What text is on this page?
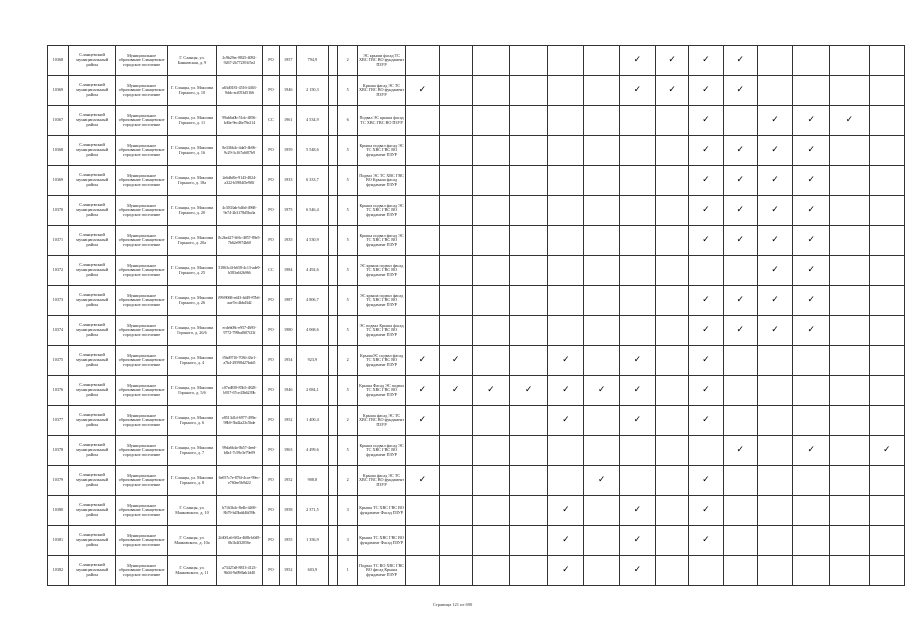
10368	Сланцевский муниципальный район	Муниципальное образование Сланцевское городское поселение	Г. Сланцы, ул. Банковская, д. 9	2c9b29ec-8825-4082-9267-2b772391f5e2	РО	1957	794,9		2	ЭС крыши фасад ТС ХВС ГВС ВО фундамент ПЗУР							✓	✓	✓	✓				
10369	Сланцевский муниципальный район	Муниципальное образование Сланцевское городское поселение	Г. Сланцы, ул. Максима Горького, д. 10	a63d0181-4516-4463-9ddc-acf053d5166	РО	1946	2 150,3		5	Крыша фасад ЭС ТС ХВС ГВС ВО фундамент ПЗУР	✓						✓	✓	✓	✓				
10367	Сланцевский муниципальный район	Муниципальное образование Сланцевское городское поселение	Г. Сланцы, ул. Максима Горького, д. 11	99ab6a0b-51dc-4856-b40a-9ec46e78e214	СС	1961	4 534,9		6	Подвал ЭС крыша фасад ТС ХВС ГВС ВО ПЗУР									✓		✓	✓	✓	
10368	Сланцевский муниципальный район	Муниципальное образование Сланцевское городское поселение	Г. Сланцы, ул. Максима Горького, д. 16	8e336b4c-4da5-4b96-9c29-3c167a6f07b9	РО	1959	5 548,6		5	Крыша подвал фасад ЭС ТС ХВС ГВС ВО фундамент ПЗУР									✓	✓	✓	✓		
10369	Сланцевский муниципальный район	Муниципальное образование Сланцевское городское поселение	Г. Сланцы, ул. Максима Горького, д. 18а	2e6dbf0e-9143-4824-a322-b5984f5e9f0f	РО	1933	6 333,7		5	Подвал ЭС ТС ХВС ГВС ВО Крыша фасад фундамент ПЗУР									✓	✓	✓	✓		
10370	Сланцевский муниципальный район	Муниципальное образование Сланцевское городское поселение	Г. Сланцы, ул. Максима Горького, д. 20	4c3033ab-b46d-4968-9e74-2b3178d5ba3a	РО	1975	6 546,4		5	Крыша подвал фасад ЭС ТС ХВС ГВС ВО фундамент ПЗУР									✓	✓	✓	✓		
10371	Сланцевский муниципальный район	Муниципальное образование Сланцевское городское поселение	Г. Сланцы, ул. Максима Горького, д. 20а	8c2be427-b9fc-4857-89e5-7b62e9974b60	РО	1935	4 530,9		5	Крыша подвал фасад ЭС ТС ХВС ГВС ВО фундамент ПЗУР									✓	✓	✓	✓		
10372	Сланцевский муниципальный район	Муниципальное образование Сланцевское городское поселение	Г. Сланцы, ул. Максима Горького, д. 25	51863c4f-b658-4c13-ade9-b583a6f2b966	СС	1984	4 492,6		5	ЭС крыша подвал фасад ТС ХВС ГВС ВО фундамент ПЗУР											✓	✓		
10373	Сланцевский муниципальный район	Муниципальное образование Сланцевское городское поселение	Г. Сланцы, ул. Максима Горького, д. 26	f99f9068-ed43-4d49-87b6-aae7ec4bbd3d2	РО	1987	4 806,7		5	ЭС крыша подвал фасад ТС ХВС ГВС ВО фундамент ПЗУР									✓	✓	✓	✓		
10374	Сланцевский муниципальный район	Муниципальное образование Сланцевское городское поселение	Г. Сланцы, ул. Максима Горького, д. 26/6	ecdeb08c-e957-4695-9772-799ba8f07f23f	РО	1980	4 068,6		5	ЭС подвал Крыша фасад ТС ХВС ГВС ВО фундамент ПЗУР									✓	✓	✓	✓		
10375	Сланцевский муниципальный район	Муниципальное образование Сланцевское городское поселение	Г. Сланцы, ул. Максима Горького, д. 4	f5bd9716-7036-43e1-a7b4-29598d27bab5	РО	1954	923,9		2	КрышаЭС подвал фасад ТС ХВС ГВС ВО фундамент ПЗУР	✓	✓			✓		✓		✓					
10376	Сланцевский муниципальный район	Муниципальное образование Сланцевское городское поселение	Г. Сланцы, ул. Максима Горького, д. 5/6	c07ed839-85b5-4828-b957-67ce43b6239b	РО	1946	2 084,1		5	Крыша Фасад ЭС подвал ТС ХВС ГВС ВО фундамент ПЗУР	✓	✓	✓	✓	✓	✓	✓		✓					
10377	Сланцевский муниципальный район	Муниципальное образование Сланцевское городское поселение	Г. Сланцы, ул. Максима Горького, д. 6	e8513d1d-6977-499a-98b9-5bd2a23c5bde	РО	1952	1 400,4		2	Крыша фасад ЭС ТС ХВС ГВС ВО фундамент ПЗУР	✓				✓		✓		✓					
10378	Сланцевский муниципальный район	Муниципальное образование Сланцевское городское поселение	Г. Сланцы, ул. Максима Горького, д. 7	99da6b4a-0b57-4eed-b8a1-7c59e3e79e09	РО	1963	4 499,6		5	Крыша подвал фасад ЭС ТС ХВС ГВС ВО фундамент ПЗУР										✓		✓		✓
10379	Сланцевский муниципальный район	Муниципальное образование Сланцевское городское поселение	Г. Сланцы, ул. Максима Горького, д. 8	6e057c7e-876f-4cce-99ec-e760ee5b9d22	РО	1952	908,8		2	Крыша фасад ЭС ТС ХВС ГВС ВО фундамент ПЗУР	✓					✓			✓					
10380	Сланцевский муниципальный район	Муниципальное образование Сланцевское городское поселение	Г. Сланцы, ул. Маяковского, д. 10	b7163b4c-8e4b-4469-8b79-b45bdd46f59b	РО	1958	2 371,5		3	Крыша ТС ХВС ГВС ВО фундамент Фасад ПЗУР					✓		✓		✓					
10381	Сланцевский муниципальный район	Муниципальное образование Сланцевское городское поселение	Г. Сланцы, ул. Маяковского, д. 10а	2fd0f1a6-681a-468b-b0d9-0b1b4f32056e	РО	1955	1 356,9		3	Крыша ТС ХВС ГВС ВО фундамент Фасад ПЗУР					✓		✓		✓					
10382	Сланцевский муниципальный район	Муниципальное образование Сланцевское городское поселение	Г. Сланцы, ул. Маяковского, д. 11	a73427a8-8813-4123-9b04-9a99f6ab1d40	РО	1952	603,9		1	Подвал ТС ВО ХВС ГВС ВО фасад Крыша фундамент ПЗУР					✓		✓							
Страница 121 из 690
